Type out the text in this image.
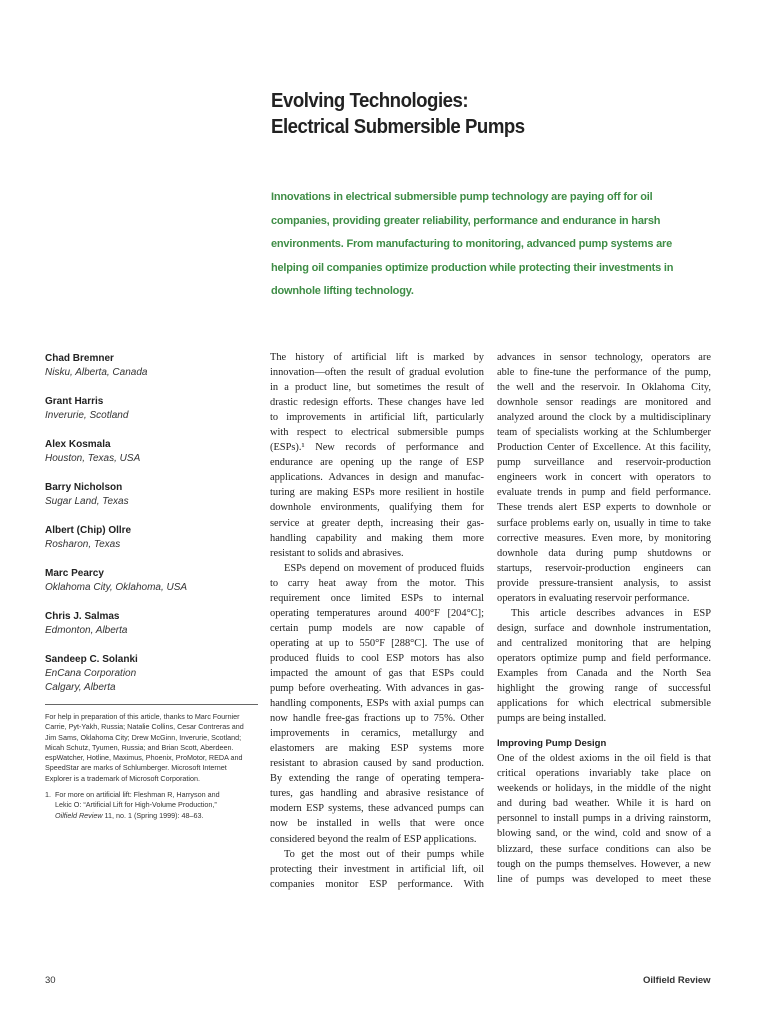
Evolving Technologies:
Electrical Submersible Pumps
Innovations in electrical submersible pump technology are paying off for oil
companies, providing greater reliability, performance and endurance in harsh
environments. From manufacturing to monitoring, advanced pump systems are
helping oil companies optimize production while protecting their investments in
downhole lifting technology.
Chad Bremner
Nisku, Alberta, Canada
Grant Harris
Inverurie, Scotland
Alex Kosmala
Houston, Texas, USA
Barry Nicholson
Sugar Land, Texas
Albert (Chip) Ollre
Rosharon, Texas
Marc Pearcy
Oklahoma City, Oklahoma, USA
Chris J. Salmas
Edmonton, Alberta
Sandeep C. Solanki
EnCana Corporation
Calgary, Alberta
For help in preparation of this article, thanks to Marc Fournier
Carrie, Pyt-Yakh, Russia; Natalie Collins, Cesar Contreras and
Jim Sams, Oklahoma City; Drew McGinn, Inverurie, Scotland;
Micah Schutz, Tyumen, Russia; and Brian Scott, Aberdeen.
espWatcher, Hotline, Maximus, Phoenix, ProMotor, REDA and
SpeedStar are marks of Schlumberger. Microsoft Internet
Explorer is a trademark of Microsoft Corporation.
1. For more on artificial lift: Fleshman R, Harryson and
Lekic O: “Artificial Lift for High-Volume Production,”
Oilfield Review 11, no. 1 (Spring 1999): 48–63.
The history of artificial lift is marked by
innovation—often the result of gradual evolution
in a product line, but sometimes the result of
drastic redesign efforts. These changes have led
to improvements in artificial lift, particularly
with respect to electrical submersible pumps
(ESPs).¹ New records of performance and
endurance are opening up the range of ESP
applications. Advances in design and manufac-
turing are making ESPs more resilient in hostile
downhole environments, qualifying them for
service at greater depth, increasing their gas-
handling capability and making them more
resistant to solids and abrasives.
ESPs depend on movement of produced fluids
to carry heat away from the motor. This
requirement once limited ESPs to internal
operating temperatures around 400°F [204°C];
certain pump models are now capable of
operating at up to 550°F [288°C]. The use of
produced fluids to cool ESP motors has also
impacted the amount of gas that ESPs could
pump before overheating. With advances in gas-
handling components, ESPs with axial pumps can
now handle free-gas fractions up to 75%. Other
improvements in ceramics, metallurgy and
elastomers are making ESP systems more
resistant to abrasion caused by sand production.
By extending the range of operating tempera-
tures, gas handling and abrasive resistance of
modern ESP systems, these advanced pumps can
now be installed in wells that were once
considered beyond the realm of ESP applications.
To get the most out of their pumps while
protecting their investment in artificial lift, oil
companies monitor ESP performance. With
advances in sensor technology, operators are
able to fine-tune the performance of the pump,
the well and the reservoir. In Oklahoma City,
downhole sensor readings are monitored and
analyzed around the clock by a multidisciplinary
team of specialists working at the Schlumberger
Production Center of Excellence. At this facility,
pump surveillance and reservoir-production
engineers work in concert with operators to
evaluate trends in pump and field performance.
These trends alert ESP experts to downhole or
surface problems early on, usually in time to take
corrective measures. Even more, by monitoring
downhole data during pump shutdowns or
startups, reservoir-production engineers can
provide pressure-transient analysis, to assist
operators in evaluating reservoir performance.
This article describes advances in ESP
design, surface and downhole instrumentation,
and centralized monitoring that are helping
operators optimize pump and field performance.
Examples from Canada and the North Sea
highlight the growing range of successful
applications for which electrical submersible
pumps are being installed.
Improving Pump Design
One of the oldest axioms in the oil field is that
critical operations invariably take place on
weekends or holidays, in the middle of the night
and during bad weather. While it is hard on
personnel to install pumps in a driving rainstorm,
blowing sand, or the wind, cold and snow of a
blizzard, these surface conditions can also be
tough on the pumps themselves. However, a new
line of pumps was developed to meet these
30	Oilfield Review
